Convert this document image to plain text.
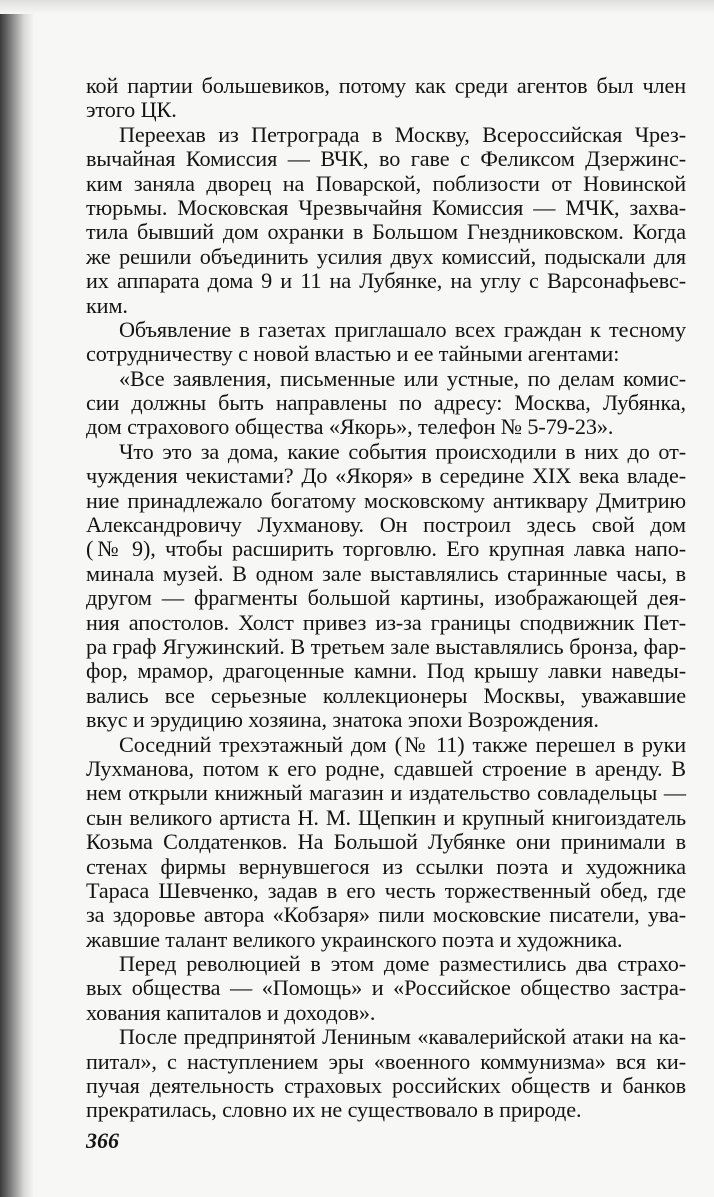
кой партии большевиков, потому как среди агентов был член
этого ЦК.
Переехав из Петрограда в Москву, Всероссийская Чрез-
вычайная Комиссия — ВЧК, во гаве с Феликсом Дзержинс-
ким заняла дворец на Поварской, поблизости от Новинской
тюрьмы. Московская Чрезвычайня Комиссия — МЧК, захва-
тила бывший дом охранки в Большом Гнездниковском. Когда
же решили объединить усилия двух комиссий, подыскали для
их аппарата дома 9 и 11 на Лубянке, на углу с Варсонафьевс-
ким.
Объявление в газетах приглашало всех граждан к тесному
сотрудничеству с новой властью и ее тайными агентами:
«Все заявления, письменные или устные, по делам комис-
сии должны быть направлены по адресу: Москва, Лубянка,
дом страхового общества «Якорь», телефон № 5-79-23».
Что это за дома, какие события происходили в них до от-
чуждения чекистами? До «Якоря» в середине XIX века владе-
ние принадлежало богатому московскому антиквару Дмитрию
Александровичу Лухманову. Он построил здесь свой дом
(№ 9), чтобы расширить торговлю. Его крупная лавка напо-
минала музей. В одном зале выставлялись старинные часы, в
другом — фрагменты большой картины, изображающей дея-
ния апостолов. Холст привез из-за границы сподвижник Пет-
ра граф Ягужинский. В третьем зале выставлялись бронза, фар-
фор, мрамор, драгоценные камни. Под крышу лавки наведы-
вались все серьезные коллекционеры Москвы, уважавшие
вкус и эрудицию хозяина, знатока эпохи Возрождения.
Соседний трехэтажный дом (№ 11) также перешел в руки
Лухманова, потом к его родне, сдавшей строение в аренду. В
нем открыли книжный магазин и издательство совладельцы —
сын великого артиста Н. М. Щепкин и крупный книгоиздатель
Козьма Солдатенков. На Большой Лубянке они принимали в
стенах фирмы вернувшегося из ссылки поэта и художника
Тараса Шевченко, задав в его честь торжественный обед, где
за здоровье автора «Кобзаря» пили московские писатели, ува-
жавшие талант великого украинского поэта и художника.
Перед революцией в этом доме разместились два страхо-
вых общества — «Помощь» и «Российское общество застра-
хования капиталов и доходов».
После предпринятой Лениным «кавалерийской атаки на ка-
питал», с наступлением эры «военного коммунизма» вся ки-
пучая деятельность страховых российских обществ и банков
прекратилась, словно их не существовало в природе.
366
